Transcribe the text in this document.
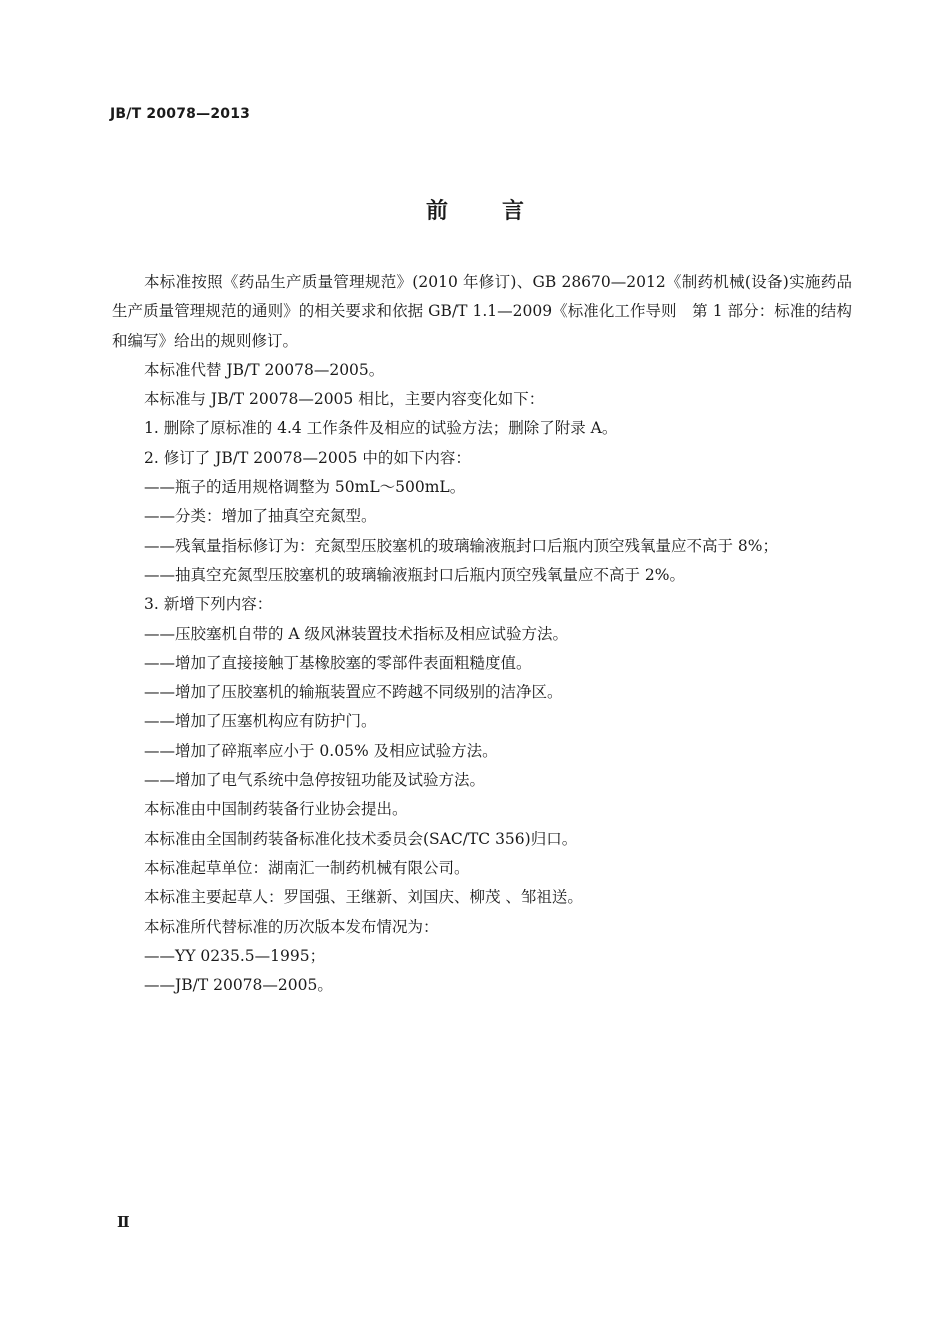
JB/T 20078—2013
前言

本标准按照《药品生产质量管理规范》(2010 年修订)、GB 28670—2012《制药机械(设备)实施药品生产质量管理规范的通则》的相关要求和依据 GB/T 1.1—2009《标准化工作导则　第 1 部分：标准的结构和编写》给出的规则修订。

本标准代替 JB/T 20078—2005。

本标准与 JB/T 20078—2005 相比，主要内容变化如下：

1. 删除了原标准的 4.4 工作条件及相应的试验方法；删除了附录 A。

2. 修订了 JB/T 20078—2005 中的如下内容：

——瓶子的适用规格调整为 50mL～500mL。

——分类：增加了抽真空充氮型。

——残氧量指标修订为：充氮型压胶塞机的玻璃输液瓶封口后瓶内顶空残氧量应不高于 8%；

——抽真空充氮型压胶塞机的玻璃输液瓶封口后瓶内顶空残氧量应不高于 2%。

3. 新增下列内容：

——压胶塞机自带的 A 级风淋装置技术指标及相应试验方法。

——增加了直接接触丁基橡胶塞的零部件表面粗糙度值。

——增加了压胶塞机的输瓶装置应不跨越不同级别的洁净区。

——增加了压塞机构应有防护门。

——增加了碎瓶率应小于 0.05% 及相应试验方法。

——增加了电气系统中急停按钮功能及试验方法。

本标准由中国制药装备行业协会提出。

本标准由全国制药装备标准化技术委员会(SAC/TC 356)归口。

本标准起草单位：湖南汇一制药机械有限公司。

本标准主要起草人：罗国强、王继新、刘国庆、柳茂 、邹祖送。

本标准所代替标准的历次版本发布情况为：

——YY 0235.5—1995；

——JB/T 20078—2005。

Ⅱ
